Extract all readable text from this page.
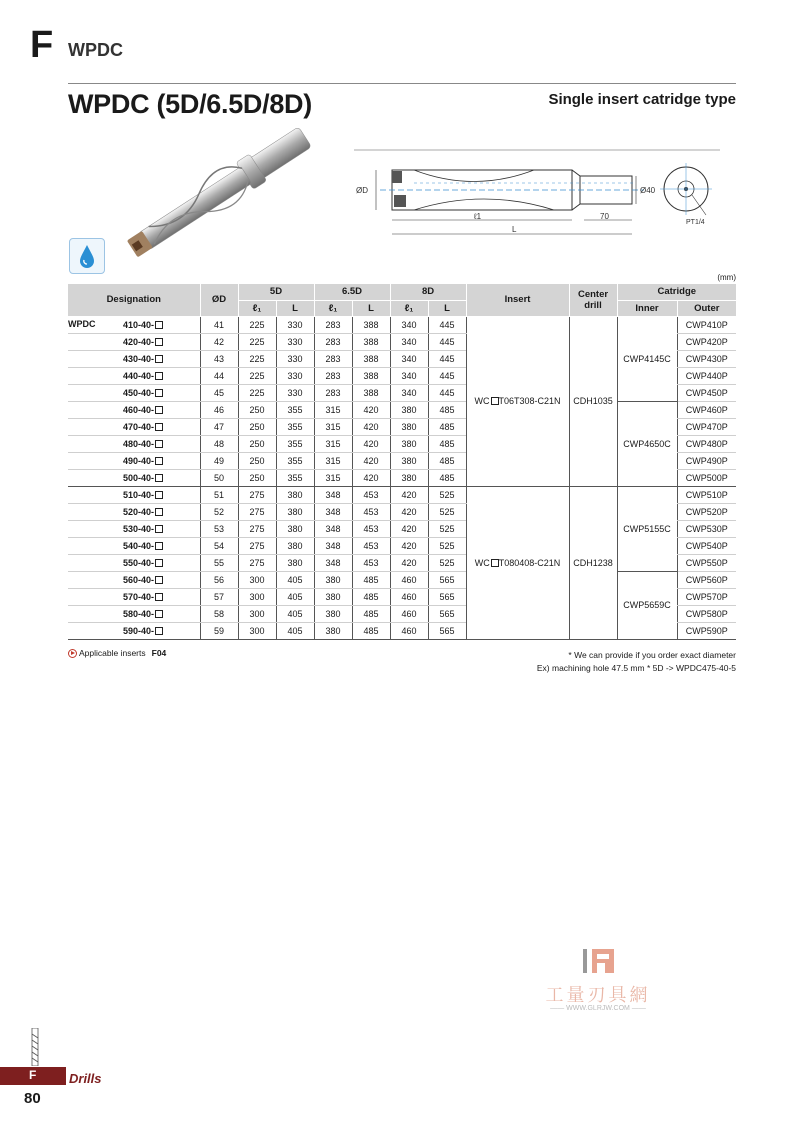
F WPDC
WPDC (5D/6.5D/8D)	Single insert catridge type
ØD	Ø40
ℓ1
L
70
PT1/4
(mm)
Designation	ØD	5D		6.5D		8D		Insert	Center
drill	Catridge	
		ℓ₁	L	ℓ₁	L	ℓ₁	L			Inner	Outer

WPDC 410-40-	41	225	330	283	388	340	445	WC T06T308-C21N	CDH1035	CWP4145C	CWP410P
420-40-	42	225	330	283	388	340	445				CWP420P
430-40-	43	225	330	283	388	340	445				CWP430P
440-40-	44	225	330	283	388	340	445				CWP440P
450-40-	45	225	330	283	388	340	445				CWP450P
460-40-	46	250	355	315	420	380	485			CWP4650C	CWP460P
470-40-	47	250	355	315	420	380	485				CWP470P
480-40-	48	250	355	315	420	380	485				CWP480P
490-40-	49	250	355	315	420	380	485				CWP490P
500-40-	50	250	355	315	420	380	485				CWP500P
510-40-	51	275	380	348	453	420	525	WC T080408-C21N	CDH1238	CWP5155C	CWP510P
520-40-	52	275	380	348	453	420	525				CWP520P
530-40-	53	275	380	348	453	420	525				CWP530P
540-40-	54	275	380	348	453	420	525				CWP540P
550-40-	55	275	380	348	453	420	525				CWP550P
560-40-	56	300	405	380	485	460	565			CWP5659C	CWP560P
570-40-	57	300	405	380	485	460	565				CWP570P
580-40-	58	300	405	380	485	460	565				CWP580P
590-40-	59	300	405	380	485	460	565				CWP590P
Applicable inserts F04	* We can provide if you order exact diameter
Ex) machining hole 47.5 mm * 5D -> WPDC475-40-5
工量刃具網
—— WWW.GLRJW.COM ——
F	Drills
80
